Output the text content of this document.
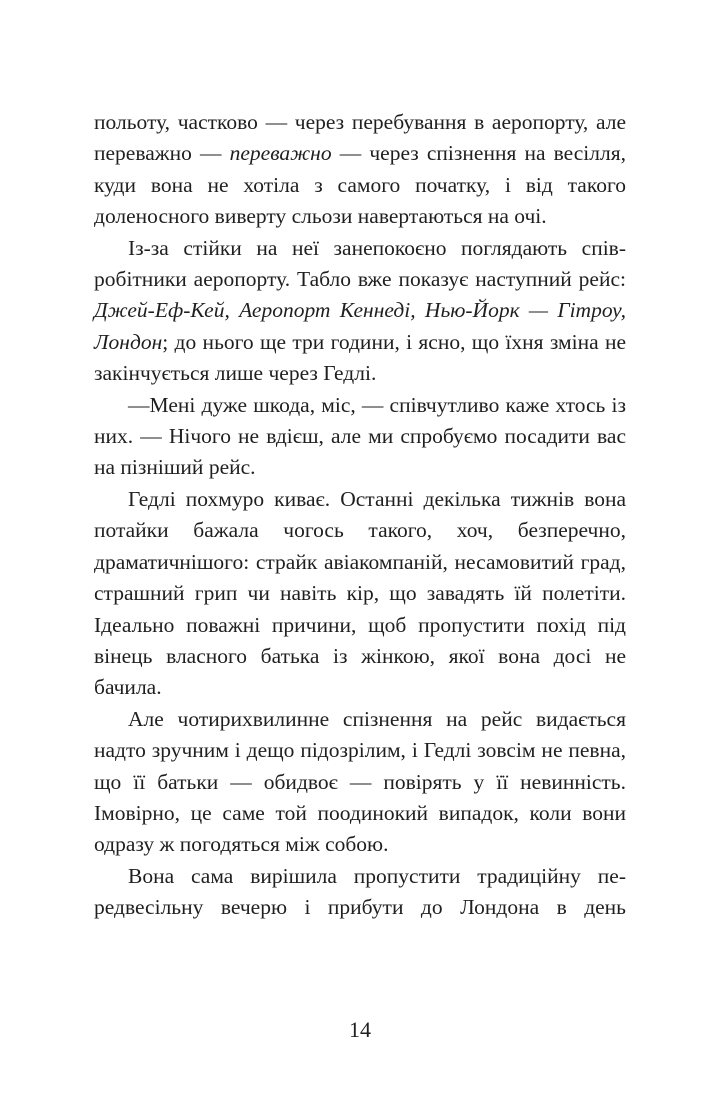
польоту, частково — через перебування в аеропорту, але переважно — переважно — через спізнення на весілля, куди вона не хотіла з самого початку, і від такого доленосного виверту сльози навертаються на очі.

Із-за стійки на неї занепокоєно поглядають співробітники аеропорту. Табло вже показує наступний рейс: Джей-Еф-Кей, Аеропорт Кеннеді, Нью-Йорк — Гітроу, Лондон; до нього ще три години, і ясно, що їхня зміна не закінчується лише через Гедлі.

—Мені дуже шкода, міс, — співчутливо каже хтось із них. — Нічого не вдієш, але ми спробуємо посадити вас на пізніший рейс.

Гедлі похмуро киває. Останні декілька тижнів вона потайки бажала чогось такого, хоч, безперечно, драматичнішого: страйк авіакомпаній, несамовитий град, страшний грип чи навіть кір, що завадять їй полетіти. Ідеально поважні причини, щоб пропустити похід під вінець власного батька із жінкою, якої вона досі не бачила.

Але чотирихвилинне спізнення на рейс видається надто зручним і дещо підозрілим, і Гедлі зовсім не певна, що її батьки — обидвоє — повірять у її невинність. Імовірно, це саме той поодинокий випадок, коли вони одразу ж погодяться між собою.

Вона сама вирішила пропустити традиційну передвесільну вечерю і прибути до Лондона в день

14
